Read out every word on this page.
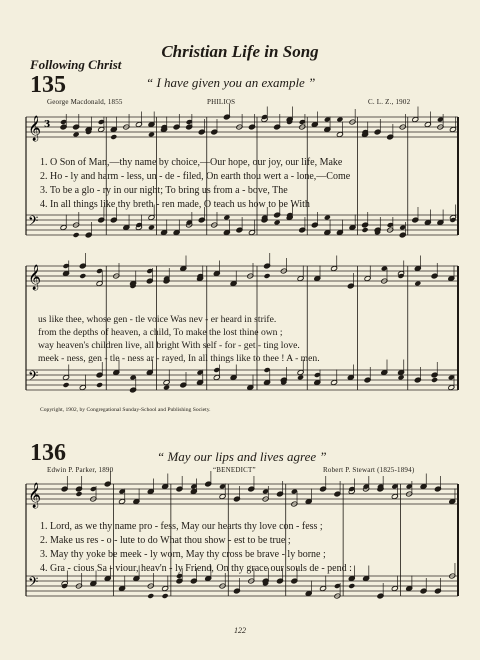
Christian Life in Song
Following Christ
135	“ I have given you an example ”
George Macdonald, 1855	PHILIOS	C. L. Z., 1902
1. O Son of Man,—thy name by choice,—Our hope, our joy, our life, Make
2. Ho - ly and harm - less, un - de - filed, On earth thou wert a - lone,—Come
3. To be a glo - ry in our night; To bring us from a - bove, The
4. In all things like thy breth - ren made, O teach us how to be With
us like thee, whose gen - tle voice Was nev - er heard in strife.
from the depths of heaven, a child, To make the lost thine own ;
way heaven's children live, all bright With self - for - get - ting love.
meek - ness, gen - tle - ness ar - rayed, In all things like to thee ! A - men.
Copyright, 1902, by Congregational Sunday-School and Publishing Society.
136	“ May our lips and lives agree ”
Edwin P. Parker, 1890	“BENEDICT”	Robert P. Stewart (1825-1894)
1. Lord, as we thy name pro - fess, May our hearts thy love con - fess ;
2. Make us res - o - lute to do What thou show - est to be true ;
3. May thy yoke be meek - ly worn, May thy cross be brave - ly borne ;
4. Gra - cious Sa - viour, heav'n - ly Friend, On thy grace our souls de - pend :
122
𝄞
𝄢
3
𝄞
𝄢
𝄞
𝄢
